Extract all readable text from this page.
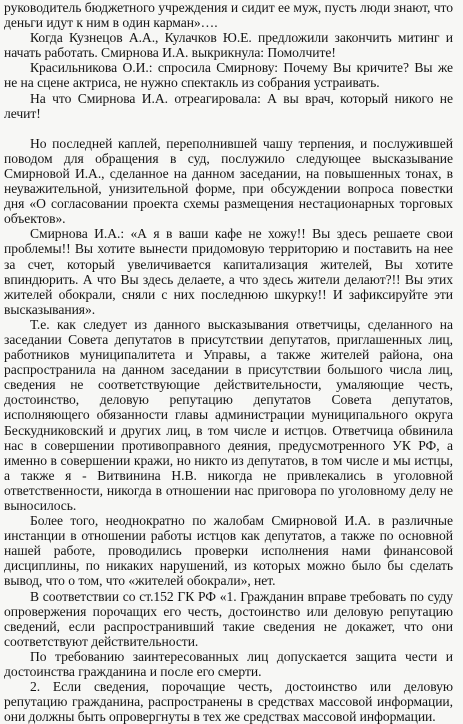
руководитель бюджетного учреждения и сидит ее муж, пусть люди знают, что деньги идут к ним в один карман»….

Когда Кузнецов А.А., Кулачков Ю.Е. предложили закончить митинг и начать работать. Смирнова И.А. выкрикнула: Помолчите!

Красильникова О.И.: спросила Смирнову: Почему Вы кричите? Вы же не на сцене актриса, не нужно спектакль из собрания устраивать.

На что Смирнова И.А. отреагировала: А вы врач, который никого не лечит!

Но последней каплей, переполнившей чашу терпения, и послужившей поводом для обращения в суд, послужило следующее высказывание Смирновой И.А., сделанное на данном заседании, на повышенных тонах, в неуважительной, унизительной форме, при обсуждении вопроса повестки дня «О согласовании проекта схемы размещения нестационарных торговых объектов».

Смирнова И.А.: «А я в ваши кафе не хожу!! Вы здесь решаете свои проблемы!! Вы хотите вынести придомовую территорию и поставить на нее за счет, который увеличивается капитализация жителей, Вы хотите впиндюрить. А что Вы здесь делаете, а что здесь жители делают?!! Вы этих жителей обокрали, сняли с них последнюю шкурку!! И зафиксируйте эти высказывания».

Т.е. как следует из данного высказывания ответчицы, сделанного на заседании Совета депутатов в присутствии депутатов, приглашенных лиц, работников муниципалитета и Управы, а также жителей района, она распространила на данном заседании в присутствии большого числа лиц, сведения не соответствующие действительности, умаляющие честь, достоинство, деловую репутацию депутатов Совета депутатов, исполняющего обязанности главы администрации муниципального округа Бескудниковский и других лиц, в том числе и истцов. Ответчица обвинила нас в совершении противоправного деяния, предусмотренного УК РФ, а именно в совершении кражи, но никто из депутатов, в том числе и мы истцы, а также я - Витвинина Н.В. никогда не привлекались в уголовной ответственности, никогда в отношении нас приговора по уголовному делу не выносилось.

Более того, неоднократно по жалобам Смирновой И.А. в различные инстанции в отношении работы истцов как депутатов, а также по основной нашей работе, проводились проверки исполнения нами финансовой дисциплины, по никаких нарушений, из которых можно было бы сделать вывод, что о том, что «жителей обокрали», нет.

В соответствии со ст.152 ГК РФ «1. Гражданин вправе требовать по суду опровержения порочащих его честь, достоинство или деловую репутацию сведений, если распространивший такие сведения не докажет, что они соответствуют действительности.

По требованию заинтересованных лиц допускается защита чести и достоинства гражданина и после его смерти.

2. Если сведения, порочащие честь, достоинство или деловую репутацию гражданина, распространены в средствах массовой информации, они должны быть опровергнуты в тех же средствах массовой информации.
